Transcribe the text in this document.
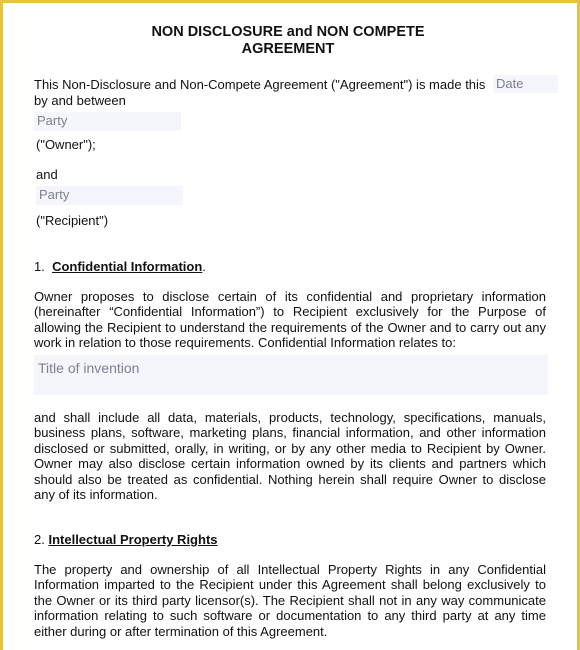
NON DISCLOSURE and NON COMPETE
AGREEMENT
This Non-Disclosure and Non-Compete Agreement ("Agreement") is made this Date
by and between
Party
("Owner");
and
Party
("Recipient")
1. Confidential Information.
Owner proposes to disclose certain of its confidential and proprietary information (hereinafter “Confidential Information”) to Recipient exclusively for the Purpose of allowing the Recipient to understand the requirements of the Owner and to carry out any work in relation to those requirements. Confidential Information relates to:
Title of invention
and shall include all data, materials, products, technology, specifications, manuals, business plans, software, marketing plans, financial information, and other information disclosed or submitted, orally, in writing, or by any other media to Recipient by Owner. Owner may also disclose certain information owned by its clients and partners which should also be treated as confidential. Nothing herein shall require Owner to disclose any of its information.
2. Intellectual Property Rights
The property and ownership of all Intellectual Property Rights in any Confidential Information imparted to the Recipient under this Agreement shall belong exclusively to the Owner or its third party licensor(s). The Recipient shall not in any way communicate information relating to such software or documentation to any third party at any time either during or after termination of this Agreement.
